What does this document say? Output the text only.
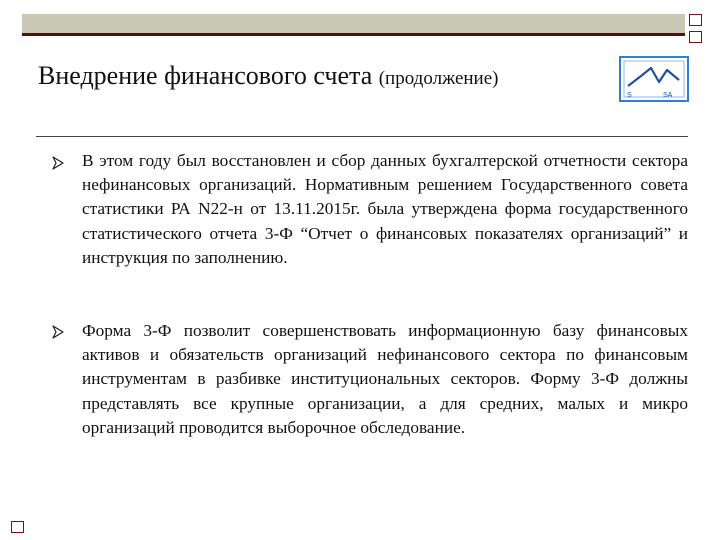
Внедрение финансового счета (продолжение)
S	SA

В этом году был восстановлен и сбор данных бухгалтерской отчетности сектора нефинансовых организаций. Нормативным решением Государственного совета статистики РА N22-н от 13.11.2015г. была утверждена форма государственного статистического отчета 3-Ф “Отчет о финансовых показателях организаций” и инструкция по заполнению.

Форма 3-Ф позволит совершенствовать информационную базу финансовых активов и обязательств организаций нефинансового сектора по финансовым инструментам в разбивке институциональных секторов. Форму 3-Ф должны представлять все крупные организации, а для средних, малых и микро организаций проводится выборочное обследование.
